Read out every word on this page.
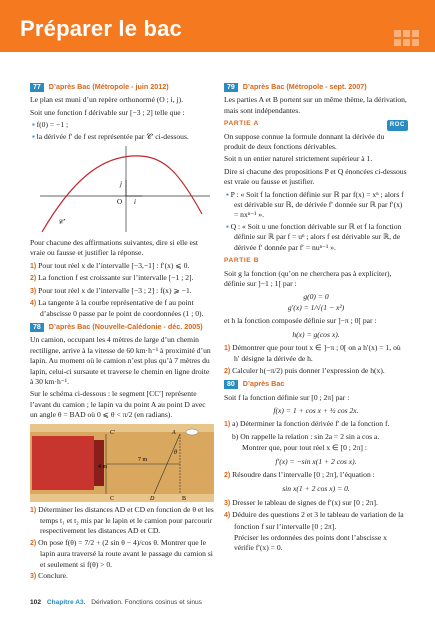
Préparer le bac
77	D’après Bac (Métropole - juin 2012)
Le plan est muni d’un repère orthonormé (O ; i, j).
Soit une fonction f dérivable sur [−3 ; 2] telle que :
▪ f(0) = −1 ;
▪ la dérivée f′ de f est représentée par 𝒞′ ci-dessous.
j
O i
𝒞′
Pour chacune des affirmations suivantes, dire si elle est vraie ou fausse et justifier la réponse.
1) Pour tout réel x de l’intervalle [−3,−1] : f′(x) ⩽ 0.
2) La fonction f est croissante sur l’intervalle [−1 ; 2].
3) Pour tout réel x de l’intervalle [−3 ; 2] : f(x) ⩾ −1.
4) La tangente à la courbe représentative de f au point d’abscisse 0 passe par le point de coordonnées (1 ; 0).
78	D’après Bac (Nouvelle-Calédonie - déc. 2005)
Un camion, occupant les 4 mètres de large d’un chemin rectiligne, arrive à la vitesse de 60 km·h⁻¹ à proximité d’un lapin. Au moment où le camion n’est plus qu’à 7 mètres du lapin, celui-ci sursaute et traverse le chemin en ligne droite à 30 km·h⁻¹.
Sur le schéma ci-dessous : le segment [CC′] représente l’avant du camion ; le lapin va du point A au point D avec un angle θ = BAD où 0 ⩽ θ < π/2 (en radians).
C′	A
4 m
7 m
θ
C	B
D
1) Déterminer les distances AD et CD en fonction de θ et les temps t₁ et t₂ mis par le lapin et le camion pour parcourir respectivement les distances AD et CD.
2) On pose f(θ) = 7/2 + (2 sin θ − 4)/cos θ. Montrer que le lapin aura traversé la route avant le passage du camion si et seulement si f(θ) > 0.
3) Conclure.
79	D’après Bac (Métropole - sept. 2007)
Les parties A et B portent sur un même thème, la dérivation, mais sont indépendantes.
PARTIE A	ROC
On suppose connue la formule donnant la dérivée du produit de deux fonctions dérivables.
Soit n un entier naturel strictement supérieur à 1.
Dire si chacune des propositions P et Q énoncées ci-dessous est vraie ou fausse et justifier.
▪ P : « Soit f la fonction définie sur ℝ par f(x) = xⁿ ; alors f est dérivable sur ℝ, de dérivée f′ donnée sur ℝ par f′(x) = nxⁿ⁻¹ ».
▪ Q : « Soit u une fonction dérivable sur ℝ et f la fonction définie sur ℝ par f = uⁿ ; alors f est dérivable sur ℝ, de dérivée f′ donnée par f′ = nuⁿ⁻¹ ».
PARTIE B
Soit g la fonction (qu’on ne cherchera pas à expliciter), définie sur ]−1 ; 1[ par :
g(0) = 0
g′(x) = 1/√(1 − x²)
et h la fonction composée définie sur ]−π ; 0[ par :
h(x) = g(cos x).
1) Démontrer que pour tout x ∈ ]−π ; 0[ on a h′(x) = 1, où h′ désigne la dérivée de h.
2) Calculer h(−π/2) puis donner l’expression de h(x).
80	D’après Bac
Soit f la fonction définie sur [0 ; 2π] par :
f(x) = 1 + cos x + ½ cos 2x.
1) a) Déterminer la fonction dérivée f′ de la fonction f.
b) On rappelle la relation : sin 2a = 2 sin a cos a.
Montrer que, pour tout réel x ∈ [0 ; 2π] :
f′(x) = −sin x(1 + 2 cos x).
2) Résoudre dans l’intervalle [0 ; 2π], l’équation :
sin x(1 + 2 cos x) = 0.
3) Dresser le tableau de signes de f′(x) sur [0 ; 2π].
4) Déduire des questions 2 et 3 le tableau de variation de la fonction f sur l’intervalle [0 ; 2π].
Préciser les ordonnées des points dont l’abscisse x vérifie f′(x) = 0.
102 Chapitre A3. Dérivation. Fonctions cosinus et sinus
